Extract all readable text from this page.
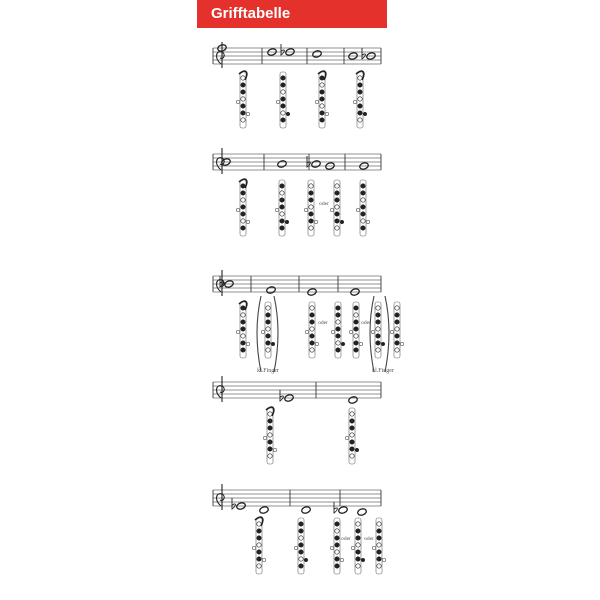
Grifftabelle
oder
oder	oder
kl.Finger	kl.Finger
oder oder
